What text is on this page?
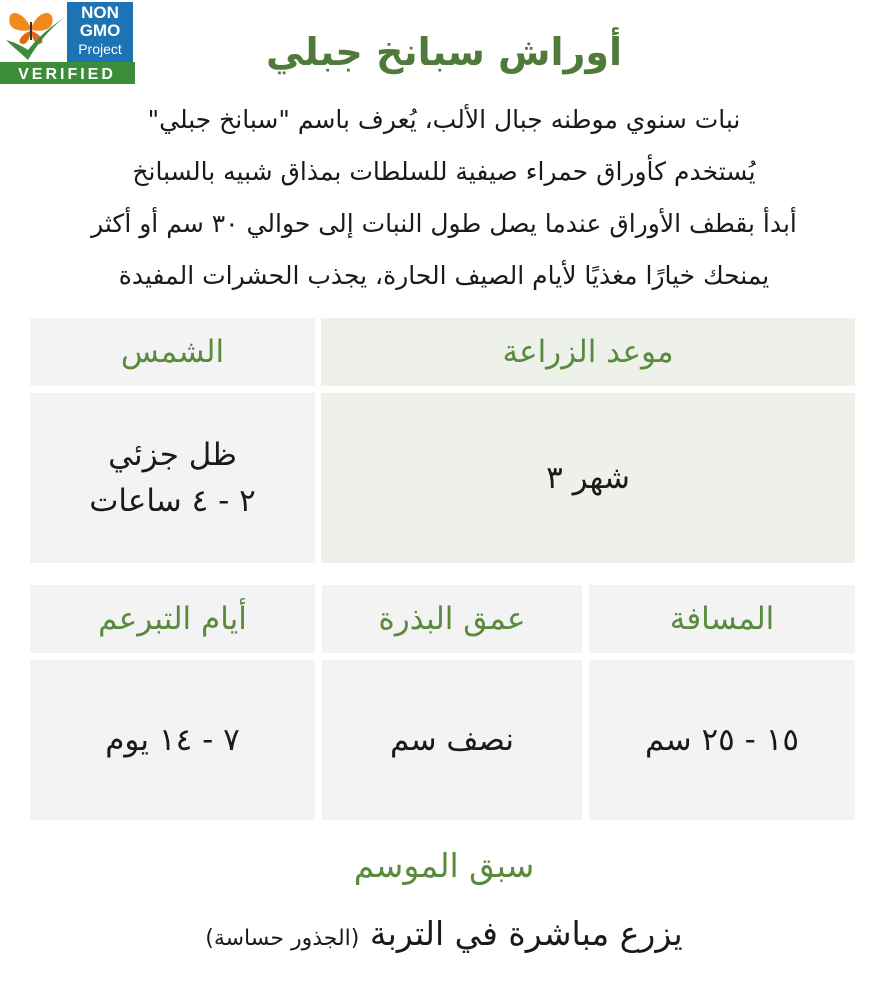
NON
GMO
Project
VERIFIED
أوراش سبانخ جبلي
نبات سنوي موطنه جبال الألب، يُعرف باسم "سبانخ جبلي"
يُستخدم كأوراق حمراء صيفية للسلطات بمذاق شبيه بالسبانخ
أبدأ بقطف الأوراق عندما يصل طول النبات إلى حوالي ٣٠ سم أو أكثر
يمنحك خيارًا مغذيًا لأيام الصيف الحارة، يجذب الحشرات المفيدة
موعد الزراعة
الشمس
شهر ٣
ظل جزئي
٢ - ٤ ساعات
المسافة
عمق البذرة
أيام التبرعم
١٥ - ٢٥ سم
نصف سم
٧ - ١٤ يوم
سبق الموسم
يزرع مباشرة في التربة (الجذور حساسة)
